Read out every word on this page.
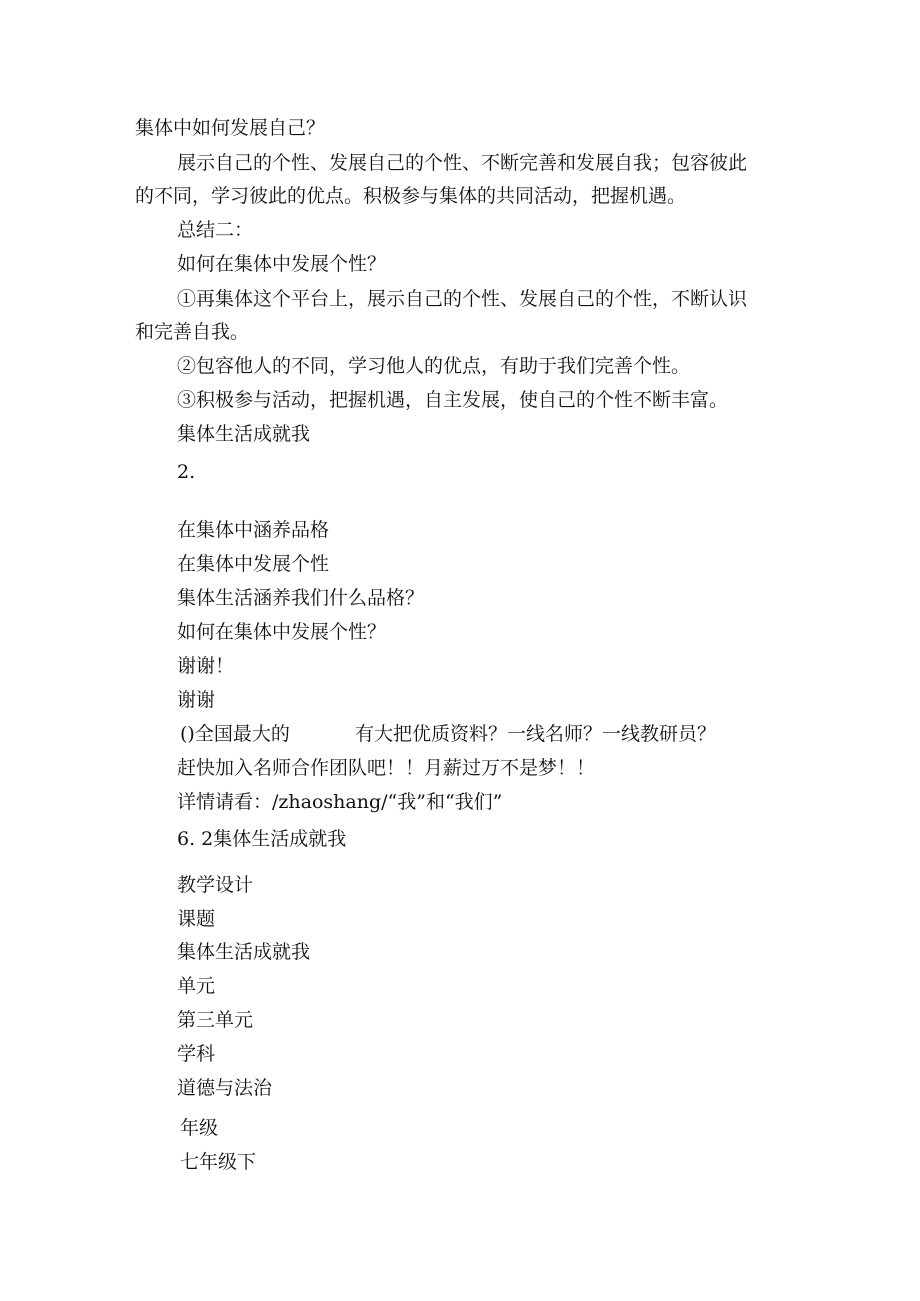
集体中如何发展自己？
展示自己的个性、发展自己的个性、不断完善和发展自我；包容彼此
的不同，学习彼此的优点。积极参与集体的共同活动，把握机遇。
总结二：
如何在集体中发展个性？
①再集体这个平台上，展示自己的个性、发展自己的个性，不断认识
和完善自我。
②包容他人的不同，学习他人的优点，有助于我们完善个性。
③积极参与活动，把握机遇，自主发展，使自己的个性不断丰富。
集体生活成就我
2.
在集体中涵养品格
在集体中发展个性
集体生活涵养我们什么品格？
如何在集体中发展个性？
谢谢！
谢谢
()全国最大的	有大把优质资料？一线名师？一线教研员？
赶快加入名师合作团队吧！！月薪过万不是梦！！
详情请看：/zhaoshang/“我”和“我们”
6. 2集体生活成就我
教学设计
课题
集体生活成就我
单元
第三单元
学科
道德与法治
年级
七年级下
